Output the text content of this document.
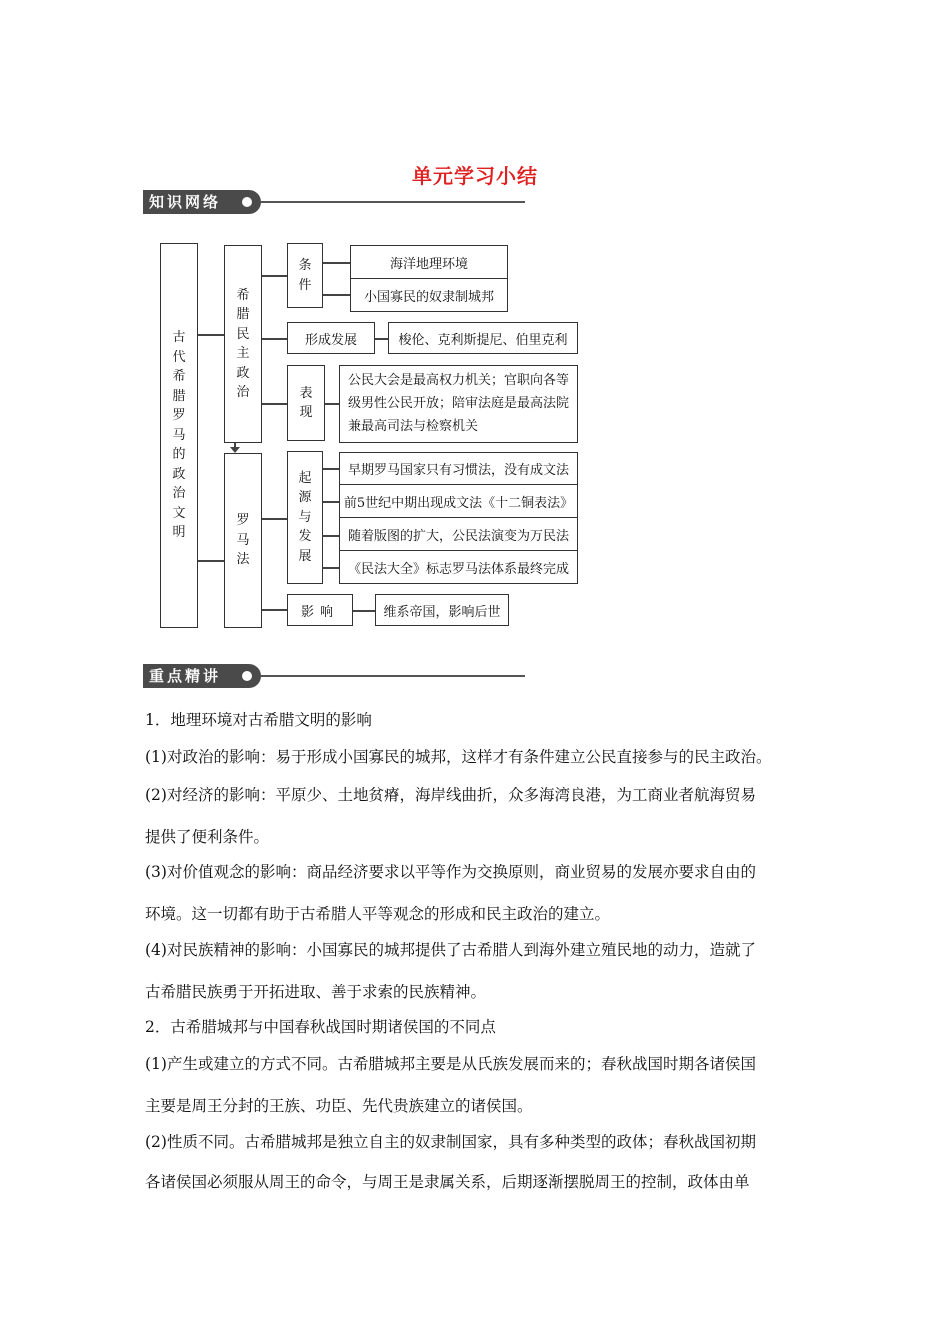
单元学习小结
知识网络
古
代
希
腊
罗
马
的
政
治
文
明
希
腊
民
主
政
治
罗
马
法
条
件
海洋地理环境
小国寡民的奴隶制城邦
形成发展	梭伦、克利斯提尼、伯里克利
表
现
公民大会是最高权力机关；官职向各等级男性公民开放；陪审法庭是最高法院兼最高司法与检察机关
起
源
与
发
展
早期罗马国家只有习惯法，没有成文法
前5世纪中期出现成文法《十二铜表法》
随着版图的扩大，公民法演变为万民法
《民法大全》标志罗马法体系最终完成
影响	维系帝国，影响后世
重点精讲
1．地理环境对古希腊文明的影响
(1)对政治的影响：易于形成小国寡民的城邦，这样才有条件建立公民直接参与的民主政治。
(2)对经济的影响：平原少、土地贫瘠，海岸线曲折，众多海湾良港，为工商业者航海贸易
提供了便利条件。
(3)对价值观念的影响：商品经济要求以平等作为交换原则，商业贸易的发展亦要求自由的
环境。这一切都有助于古希腊人平等观念的形成和民主政治的建立。
(4)对民族精神的影响：小国寡民的城邦提供了古希腊人到海外建立殖民地的动力，造就了
古希腊民族勇于开拓进取、善于求索的民族精神。
2．古希腊城邦与中国春秋战国时期诸侯国的不同点
(1)产生或建立的方式不同。古希腊城邦主要是从氏族发展而来的；春秋战国时期各诸侯国
主要是周王分封的王族、功臣、先代贵族建立的诸侯国。
(2)性质不同。古希腊城邦是独立自主的奴隶制国家，具有多种类型的政体；春秋战国初期
各诸侯国必须服从周王的命令，与周王是隶属关系，后期逐渐摆脱周王的控制，政体由单
